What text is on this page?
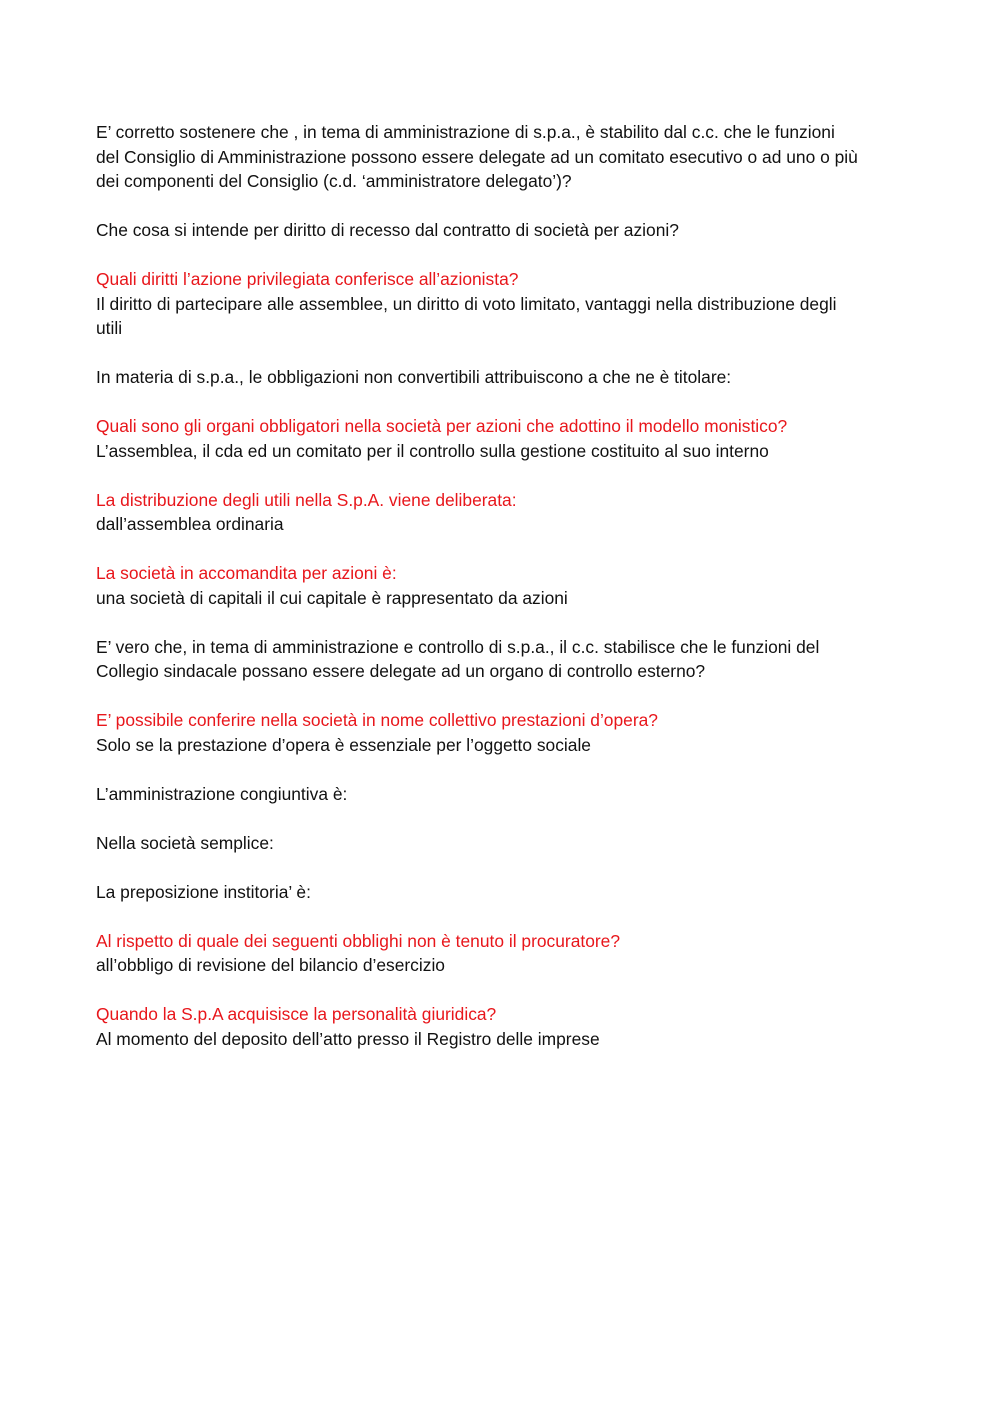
E’ corretto sostenere che , in tema di amministrazione di s.p.a., è stabilito dal c.c. che le funzioni
del Consiglio di Amministrazione possono essere delegate ad un comitato esecutivo o ad uno o più
dei componenti del Consiglio (c.d. ‘amministratore delegato’)?
Che cosa si intende per diritto di recesso dal contratto di società per azioni?
Quali diritti l’azione privilegiata conferisce all’azionista?
Il diritto di partecipare alle assemblee, un diritto di voto limitato, vantaggi nella distribuzione degli
utili
In materia di s.p.a., le obbligazioni non convertibili attribuiscono a che ne è titolare:
Quali sono gli organi obbligatori nella società per azioni che adottino il modello monistico?
L’assemblea, il cda ed un comitato per il controllo sulla gestione costituito al suo interno
La distribuzione degli utili nella S.p.A. viene deliberata:
dall’assemblea ordinaria
La società in accomandita per azioni è:
una società di capitali il cui capitale è rappresentato da azioni
E’ vero che, in tema di amministrazione e controllo di s.p.a., il c.c. stabilisce che le funzioni del
Collegio sindacale possano essere delegate ad un organo di controllo esterno?
E’ possibile conferire nella società in nome collettivo prestazioni d’opera?
Solo se la prestazione d’opera è essenziale per l’oggetto sociale
L’amministrazione congiuntiva è:
Nella società semplice:
La preposizione institoria’ è:
Al rispetto di quale dei seguenti obblighi non è tenuto il procuratore?
all’obbligo di revisione del bilancio d’esercizio
Quando la S.p.A acquisisce la personalità giuridica?
Al momento del deposito dell’atto presso il Registro delle imprese
